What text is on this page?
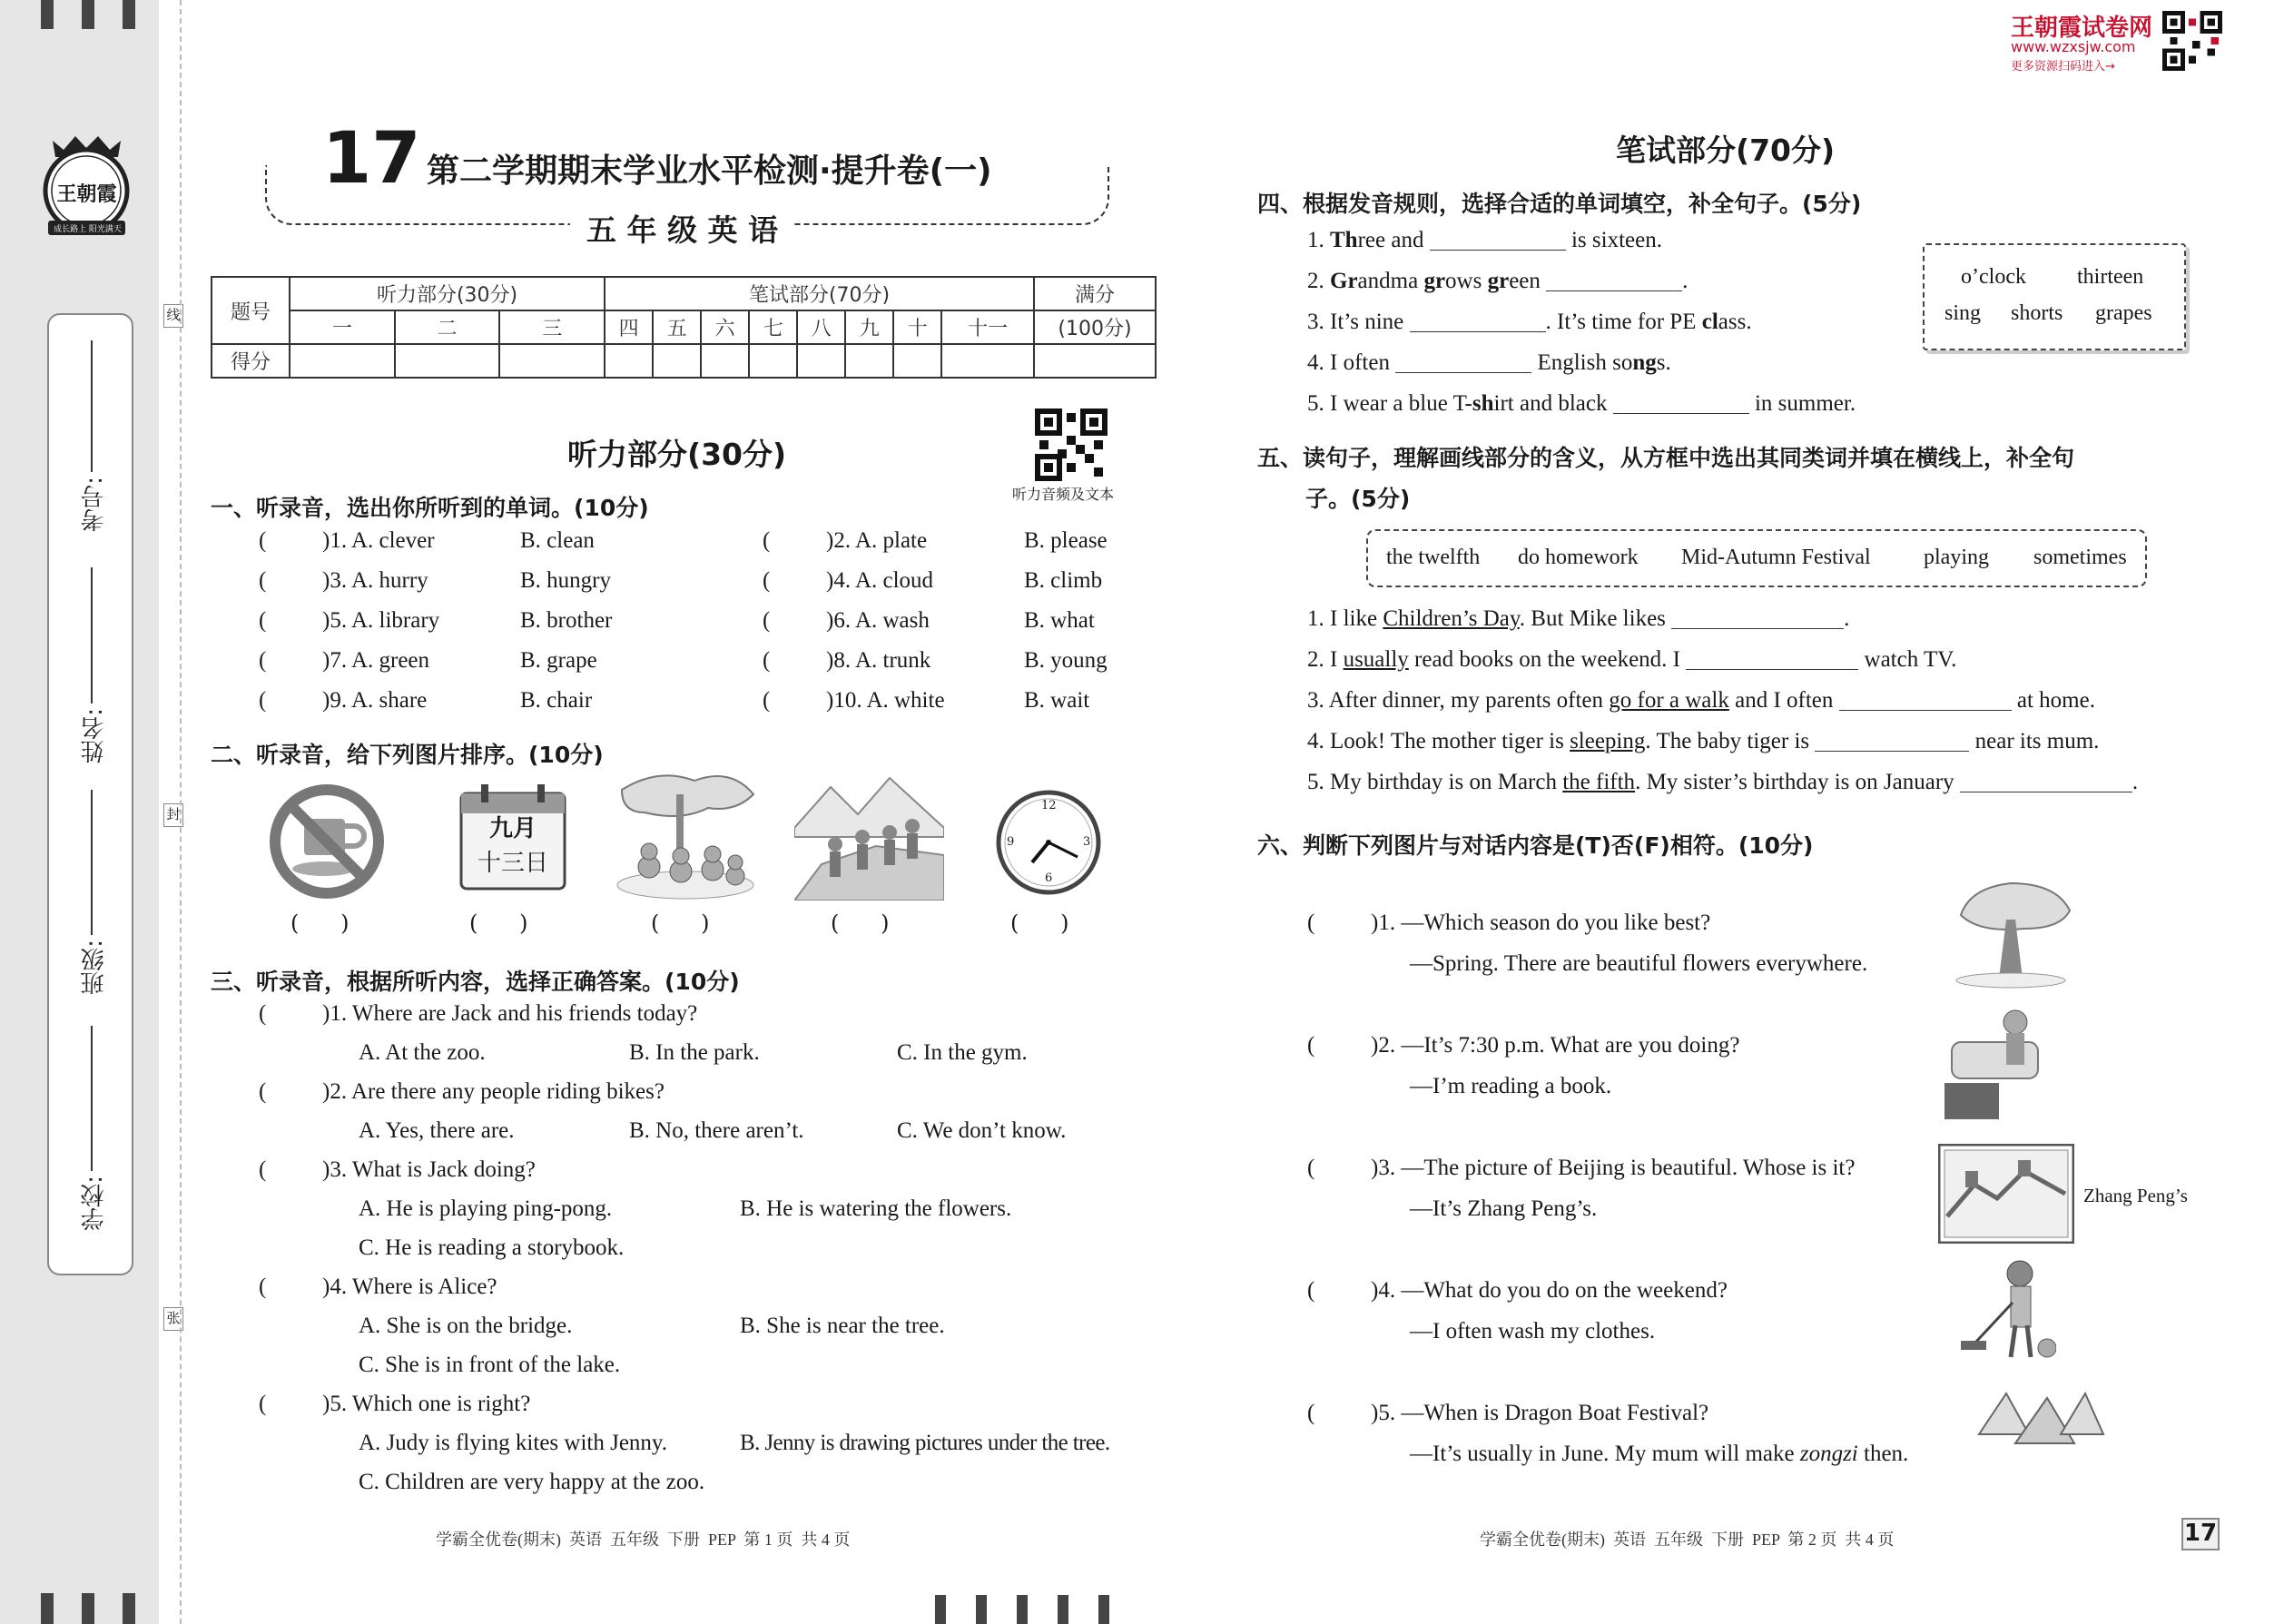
王朝霞
成长路上 阳光满天
学校:
班级:
姓名:
考号:
线
封
张
17 第二学期期末学业水平检测·提升卷(一)
五 年 级 英 语
题号	听力部分(30分)			笔试部分(70分)								满分
	一	二	三	四	五	六	七	八	九	十	十一	(100分)
得分												
听力部分(30分)
听力音频及文本
一、听录音，选出你所听到的单词。(10分)
( )1. A. clever	B. clean	( )2. A. plate	B. please
( )3. A. hurry	B. hungry	( )4. A. cloud	B. climb
( )5. A. library	B. brother	( )6. A. wash	B. what
( )7. A. green	B. grape	( )8. A. trunk	B. young
( )9. A. share	B. chair	( )10. A. white	B. wait
二、听录音，给下列图片排序。(10分)
九月
十三日
12
3
6
9
(      )	(      )	(      )	(      )	(      )
三、听录音，根据所听内容，选择正确答案。(10分)
( )1. Where are Jack and his friends today?
A. At the zoo.	B. In the park.	C. In the gym.
( )2. Are there any people riding bikes?
A. Yes, there are.	B. No, there aren’t.	C. We don’t know.
( )3. What is Jack doing?
A. He is playing ping-pong.	B. He is watering the flowers.
C. He is reading a storybook.
( )4. Where is Alice?
A. She is on the bridge.	B. She is near the tree.
C. She is in front of the lake.
( )5. Which one is right?
A. Judy is flying kites with Jenny.	B. Jenny is drawing pictures under the tree.
C. Children are very happy at the zoo.
学霸全优卷(期末)  英语  五年级  下册  PEP  第 1 页  共 4 页
王朝霞试卷网
www.wzxsjw.com
更多资源扫码进入→
笔试部分(70分)
四、根据发音规则，选择合适的单词填空，补全句子。(5分)
1. Three and	is sixteen.
2. Grandma grows green	.
3. It’s nine	. It’s time for PE class.
4. I often	English songs.
5. I wear a blue T-shirt and black	in summer.
o’clock thirteen
sing shorts grapes
五、读句子，理解画线部分的含义，从方框中选出其同类词并填在横线上，补全句
子。(5分)
the twelfth do homework Mid-Autumn Festival playing sometimes
1. I like Children’s Day. But Mike likes	.
2. I usually read books on the weekend. I	watch TV.
3. After dinner, my parents often go for a walk and I often	at home.
4. Look! The mother tiger is sleeping. The baby tiger is	near its mum.
5. My birthday is on March the fifth. My sister’s birthday is on January	.
六、判断下列图片与对话内容是(T)否(F)相符。(10分)
( )1. —Which season do you like best?
—Spring. There are beautiful flowers everywhere.
( )2. —It’s 7:30 p.m. What are you doing?
—I’m reading a book.
( )3. —The picture of Beijing is beautiful. Whose is it?
—It’s Zhang Peng’s.
Zhang Peng’s
( )4. —What do you do on the weekend?
—I often wash my clothes.
( )5. —When is Dragon Boat Festival?
—It’s usually in June. My mum will make zongzi then.
学霸全优卷(期末)  英语  五年级  下册  PEP  第 2 页  共 4 页	17
